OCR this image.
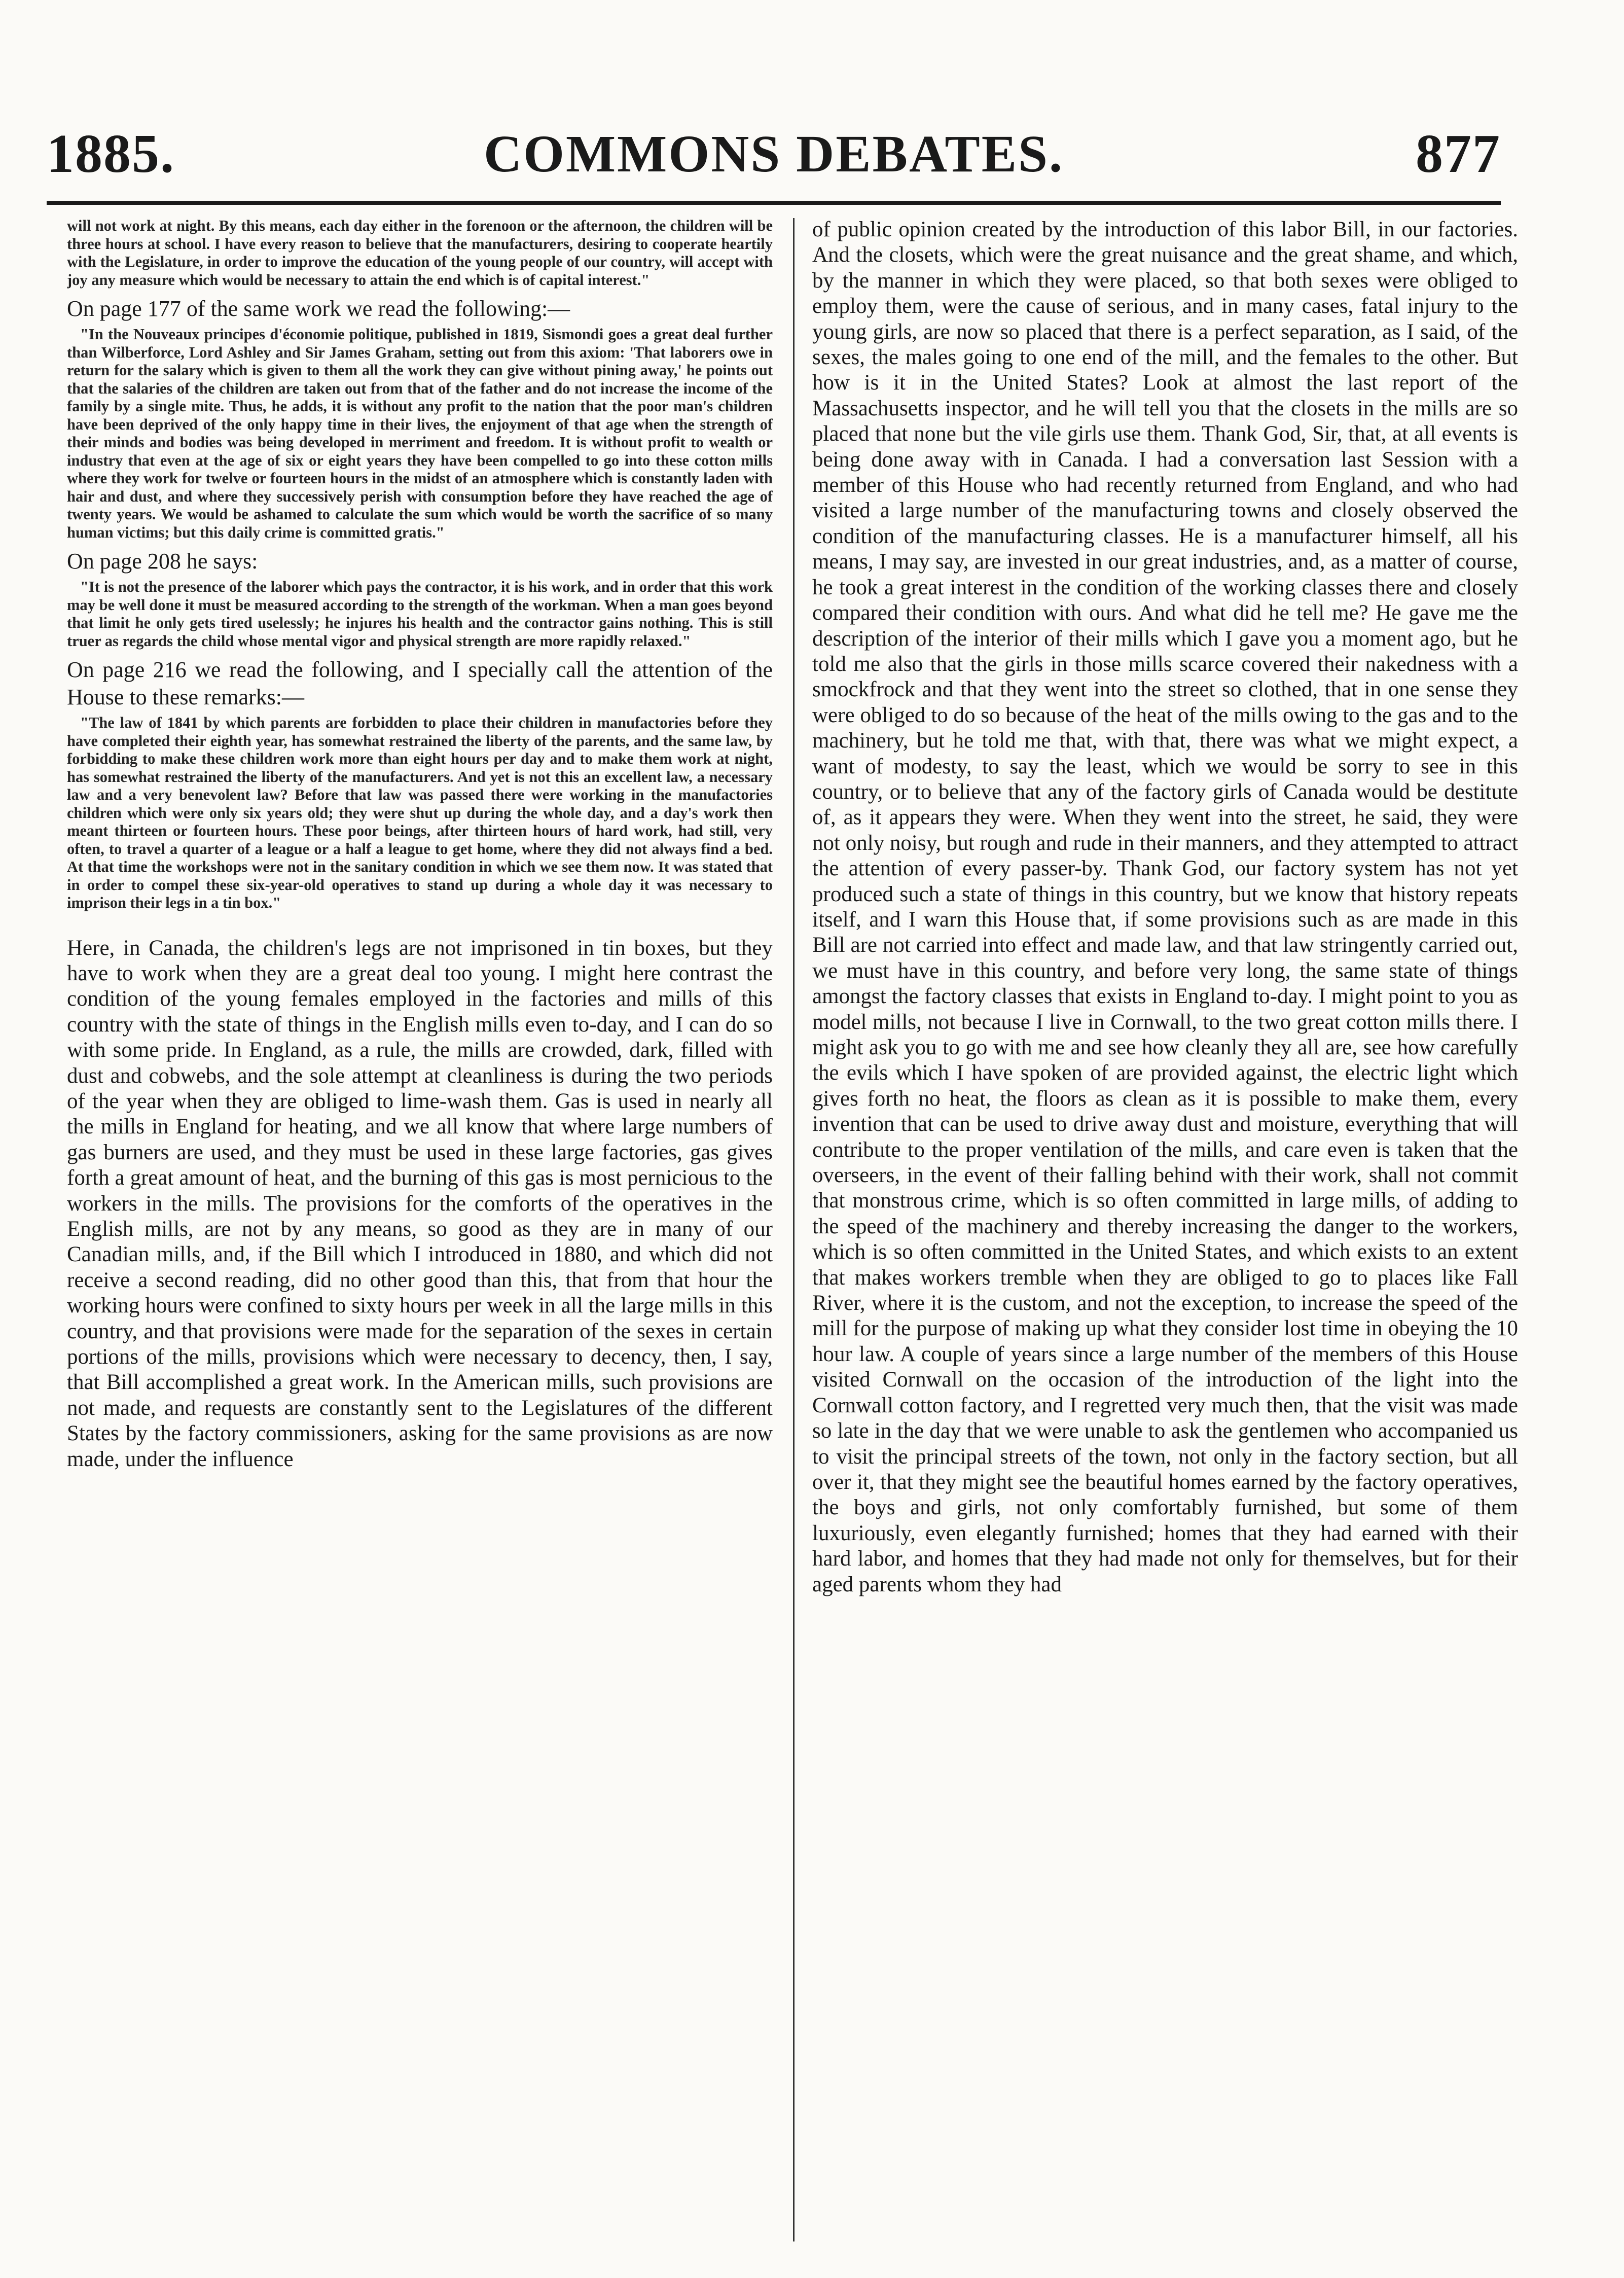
1885.	COMMONS DEBATES.	877

will not work at night. By this means, each day either in the forenoon or the afternoon, the children will be three hours at school. I have every reason to believe that the manufacturers, desiring to cooperate heartily with the Legislature, in order to improve the education of the young people of our country, will accept with joy any measure which would be necessary to attain the end which is of capital interest."

On page 177 of the same work we read the following:—

"In the Nouveaux principes d'économie politique, published in 1819, Sismondi goes a great deal further than Wilberforce, Lord Ashley and Sir James Graham, setting out from this axiom: 'That laborers owe in return for the salary which is given to them all the work they can give without pining away,' he points out that the salaries of the children are taken out from that of the father and do not increase the income of the family by a single mite. Thus, he adds, it is without any profit to the nation that the poor man's children have been deprived of the only happy time in their lives, the enjoyment of that age when the strength of their minds and bodies was being developed in merriment and freedom. It is without profit to wealth or industry that even at the age of six or eight years they have been compelled to go into these cotton mills where they work for twelve or fourteen hours in the midst of an atmosphere which is constantly laden with hair and dust, and where they successively perish with consumption before they have reached the age of twenty years. We would be ashamed to calculate the sum which would be worth the sacrifice of so many human victims; but this daily crime is committed gratis."

On page 208 he says:

"It is not the presence of the laborer which pays the contractor, it is his work, and in order that this work may be well done it must be measured according to the strength of the workman. When a man goes beyond that limit he only gets tired uselessly; he injures his health and the contractor gains nothing. This is still truer as regards the child whose mental vigor and physical strength are more rapidly relaxed."

On page 216 we read the following, and I specially call the attention of the House to these remarks:—

"The law of 1841 by which parents are forbidden to place their children in manufactories before they have completed their eighth year, has somewhat restrained the liberty of the parents, and the same law, by forbidding to make these children work more than eight hours per day and to make them work at night, has somewhat restrained the liberty of the manufacturers. And yet is not this an excellent law, a necessary law and a very benevolent law? Before that law was passed there were working in the manufactories children which were only six years old; they were shut up during the whole day, and a day's work then meant thirteen or fourteen hours. These poor beings, after thirteen hours of hard work, had still, very often, to travel a quarter of a league or a half a league to get home, where they did not always find a bed. At that time the workshops were not in the sanitary condition in which we see them now. It was stated that in order to compel these six-year-old operatives to stand up during a whole day it was necessary to imprison their legs in a tin box."

Here, in Canada, the children's legs are not imprisoned in tin boxes, but they have to work when they are a great deal too young. I might here contrast the condition of the young females employed in the factories and mills of this country with the state of things in the English mills even to-day, and I can do so with some pride. In England, as a rule, the mills are crowded, dark, filled with dust and cobwebs, and the sole attempt at cleanliness is during the two periods of the year when they are obliged to lime-wash them. Gas is used in nearly all the mills in England for heating, and we all know that where large numbers of gas burners are used, and they must be used in these large factories, gas gives forth a great amount of heat, and the burning of this gas is most pernicious to the workers in the mills. The provisions for the comforts of the operatives in the English mills, are not by any means, so good as they are in many of our Canadian mills, and, if the Bill which I introduced in 1880, and which did not receive a second reading, did no other good than this, that from that hour the working hours were confined to sixty hours per week in all the large mills in this country, and that provisions were made for the separation of the sexes in certain portions of the mills, provisions which were necessary to decency, then, I say, that Bill accomplished a great work. In the American mills, such provisions are not made, and requests are constantly sent to the Legislatures of the different States by the factory commissioners, asking for the same provisions as are now made, under the influence

of public opinion created by the introduction of this labor Bill, in our factories. And the closets, which were the great nuisance and the great shame, and which, by the manner in which they were placed, so that both sexes were obliged to employ them, were the cause of serious, and in many cases, fatal injury to the young girls, are now so placed that there is a perfect separation, as I said, of the sexes, the males going to one end of the mill, and the females to the other. But how is it in the United States? Look at almost the last report of the Massachusetts inspector, and he will tell you that the closets in the mills are so placed that none but the vile girls use them. Thank God, Sir, that, at all events is being done away with in Canada. I had a conversation last Session with a member of this House who had recently returned from England, and who had visited a large number of the manufacturing towns and closely observed the condition of the manufacturing classes. He is a manufacturer himself, all his means, I may say, are invested in our great industries, and, as a matter of course, he took a great interest in the condition of the working classes there and closely compared their condition with ours. And what did he tell me? He gave me the description of the interior of their mills which I gave you a moment ago, but he told me also that the girls in those mills scarce covered their nakedness with a smockfrock and that they went into the street so clothed, that in one sense they were obliged to do so because of the heat of the mills owing to the gas and to the machinery, but he told me that, with that, there was what we might expect, a want of modesty, to say the least, which we would be sorry to see in this country, or to believe that any of the factory girls of Canada would be destitute of, as it appears they were. When they went into the street, he said, they were not only noisy, but rough and rude in their manners, and they attempted to attract the attention of every passer-by. Thank God, our factory system has not yet produced such a state of things in this country, but we know that history repeats itself, and I warn this House that, if some provisions such as are made in this Bill are not carried into effect and made law, and that law stringently carried out, we must have in this country, and before very long, the same state of things amongst the factory classes that exists in England to-day. I might point to you as model mills, not because I live in Cornwall, to the two great cotton mills there. I might ask you to go with me and see how cleanly they all are, see how carefully the evils which I have spoken of are provided against, the electric light which gives forth no heat, the floors as clean as it is possible to make them, every invention that can be used to drive away dust and moisture, everything that will contribute to the proper ventilation of the mills, and care even is taken that the overseers, in the event of their falling behind with their work, shall not commit that monstrous crime, which is so often committed in large mills, of adding to the speed of the machinery and thereby increasing the danger to the workers, which is so often committed in the United States, and which exists to an extent that makes workers tremble when they are obliged to go to places like Fall River, where it is the custom, and not the exception, to increase the speed of the mill for the purpose of making up what they consider lost time in obeying the 10 hour law. A couple of years since a large number of the members of this House visited Cornwall on the occasion of the introduction of the light into the Cornwall cotton factory, and I regretted very much then, that the visit was made so late in the day that we were unable to ask the gentlemen who accompanied us to visit the principal streets of the town, not only in the factory section, but all over it, that they might see the beautiful homes earned by the factory operatives, the boys and girls, not only comfortably furnished, but some of them luxuriously, even elegantly furnished; homes that they had earned with their hard labor, and homes that they had made not only for themselves, but for their aged parents whom they had
